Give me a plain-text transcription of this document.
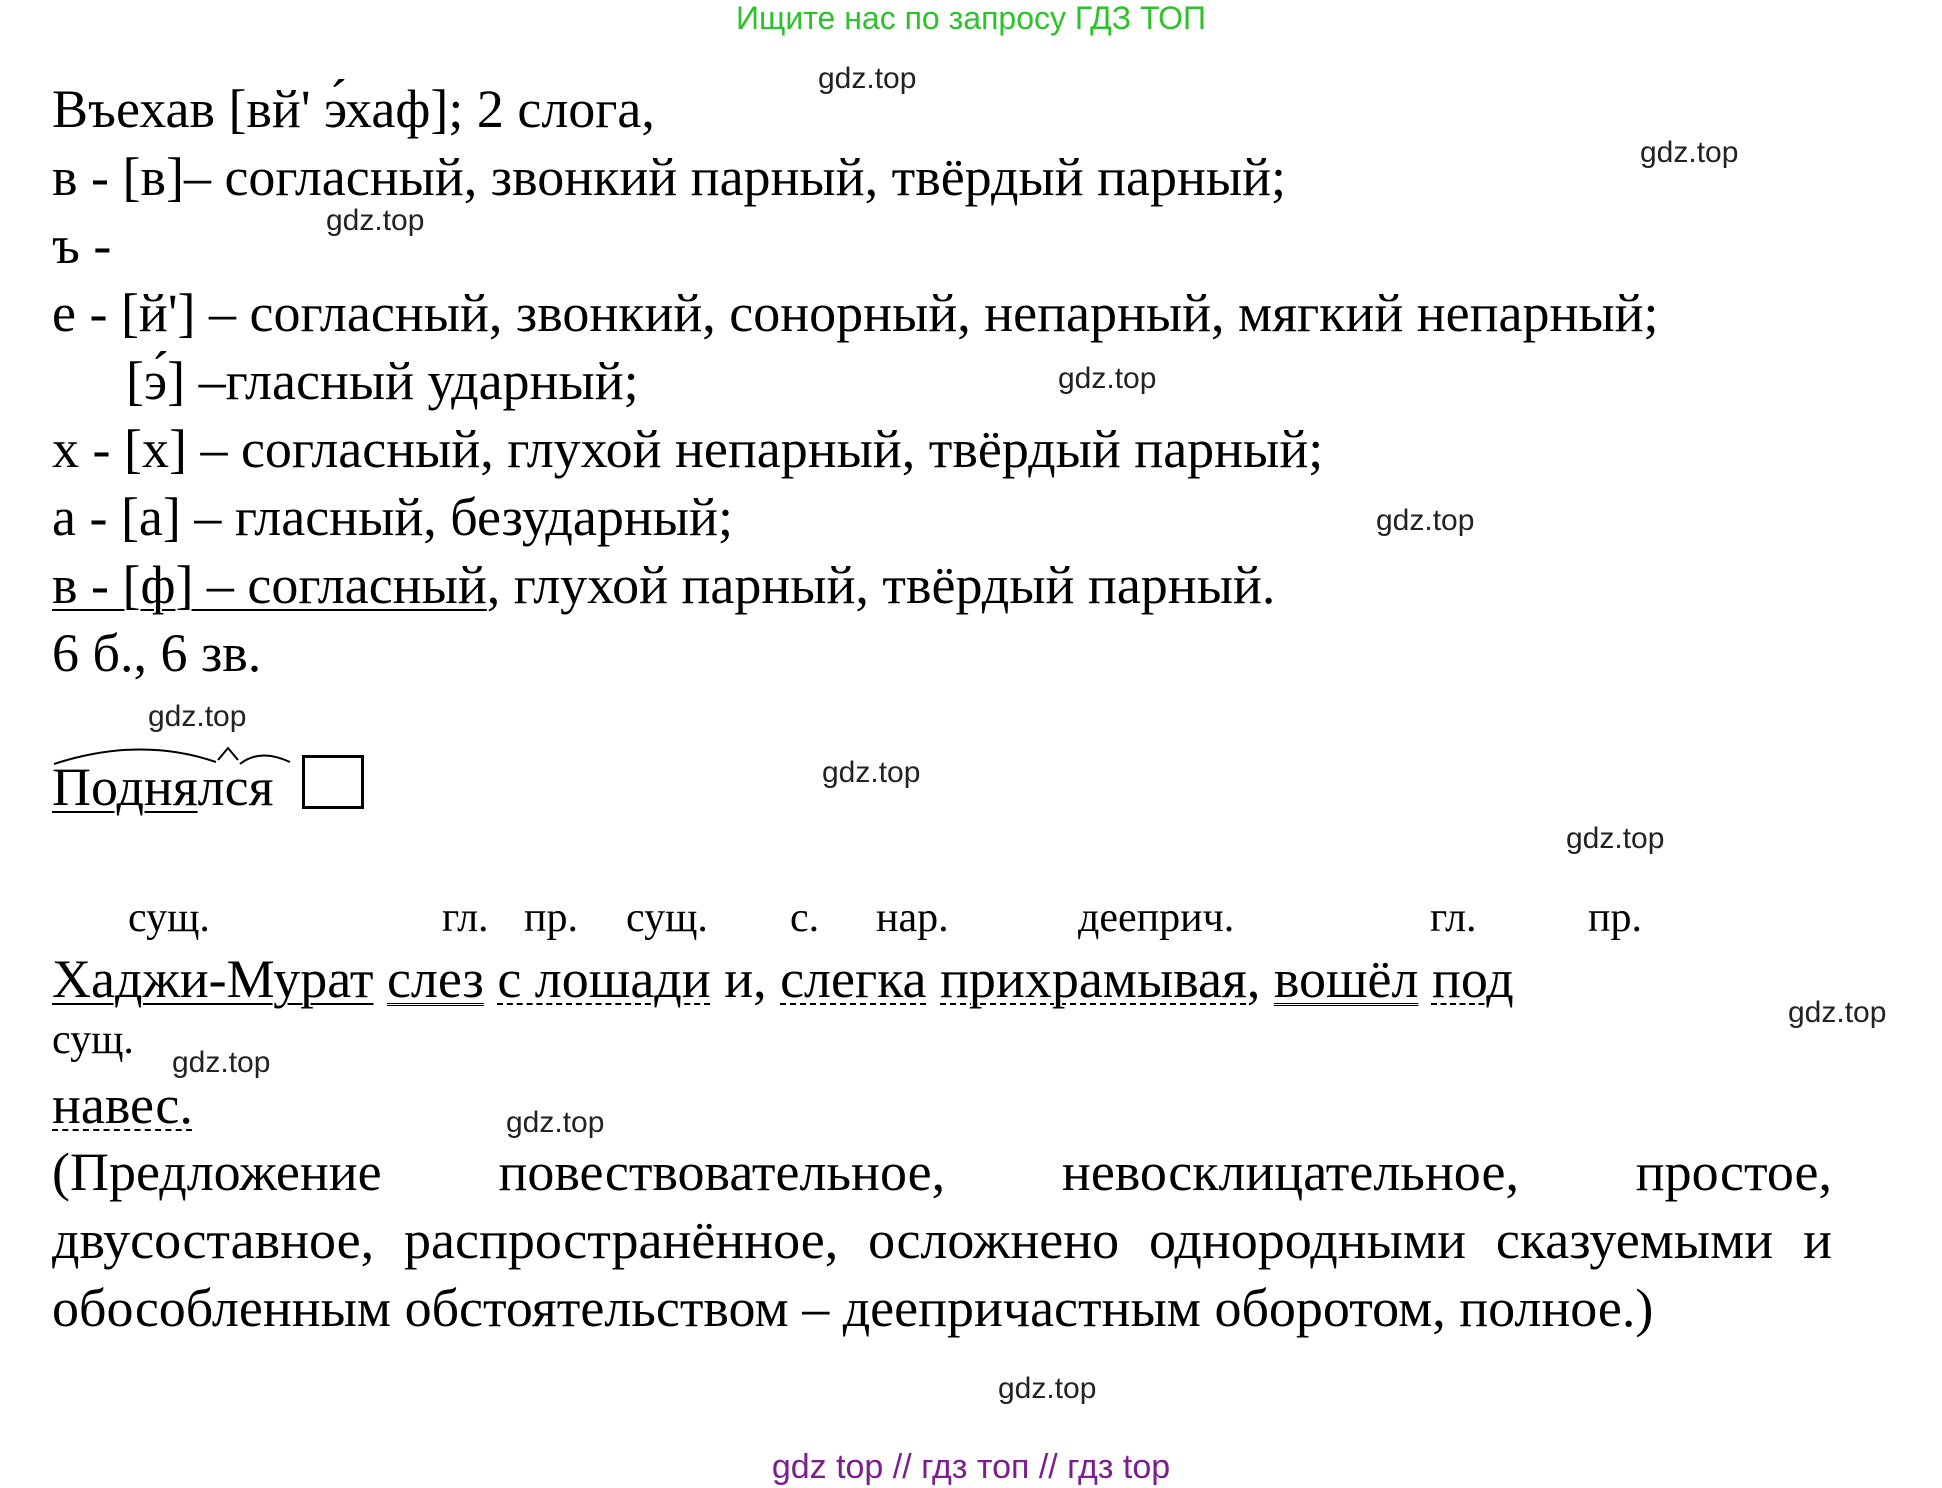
Ищите нас по запросу ГДЗ ТОП
gdz.top
gdz.top
gdz.top
gdz.top
gdz.top
gdz.top
gdz.top
gdz.top
gdz.top
gdz.top
gdz.top
gdz.top
Въехав [вй' э́хаф]; 2 слога,
в - [в]– согласный, звонкий парный, твёрдый парный;
ъ -
е - [й'] – согласный, звонкий, сонорный, непарный, мягкий непарный;
[э́] –гласный ударный;
х - [х] – согласный, глухой непарный, твёрдый парный;
а - [а] – гласный, безударный;
в - [ф] – согласный, глухой парный, твёрдый парный.
6 б., 6 зв.
Поднялся
сущ.	гл. пр. сущ. с. нар.	дееприч.	гл.	пр.
Хаджи-Мурат слез с лошади и, слегка прихрамывая, вошёл под
сущ.
навес.
(Предложение повествовательное, невосклицательное, простое, двусоставное, распространённое, осложнено однородными сказуемыми и обособленным обстоятельством – деепричастным оборотом, полное.)
gdz top // гдз топ // гдз top
